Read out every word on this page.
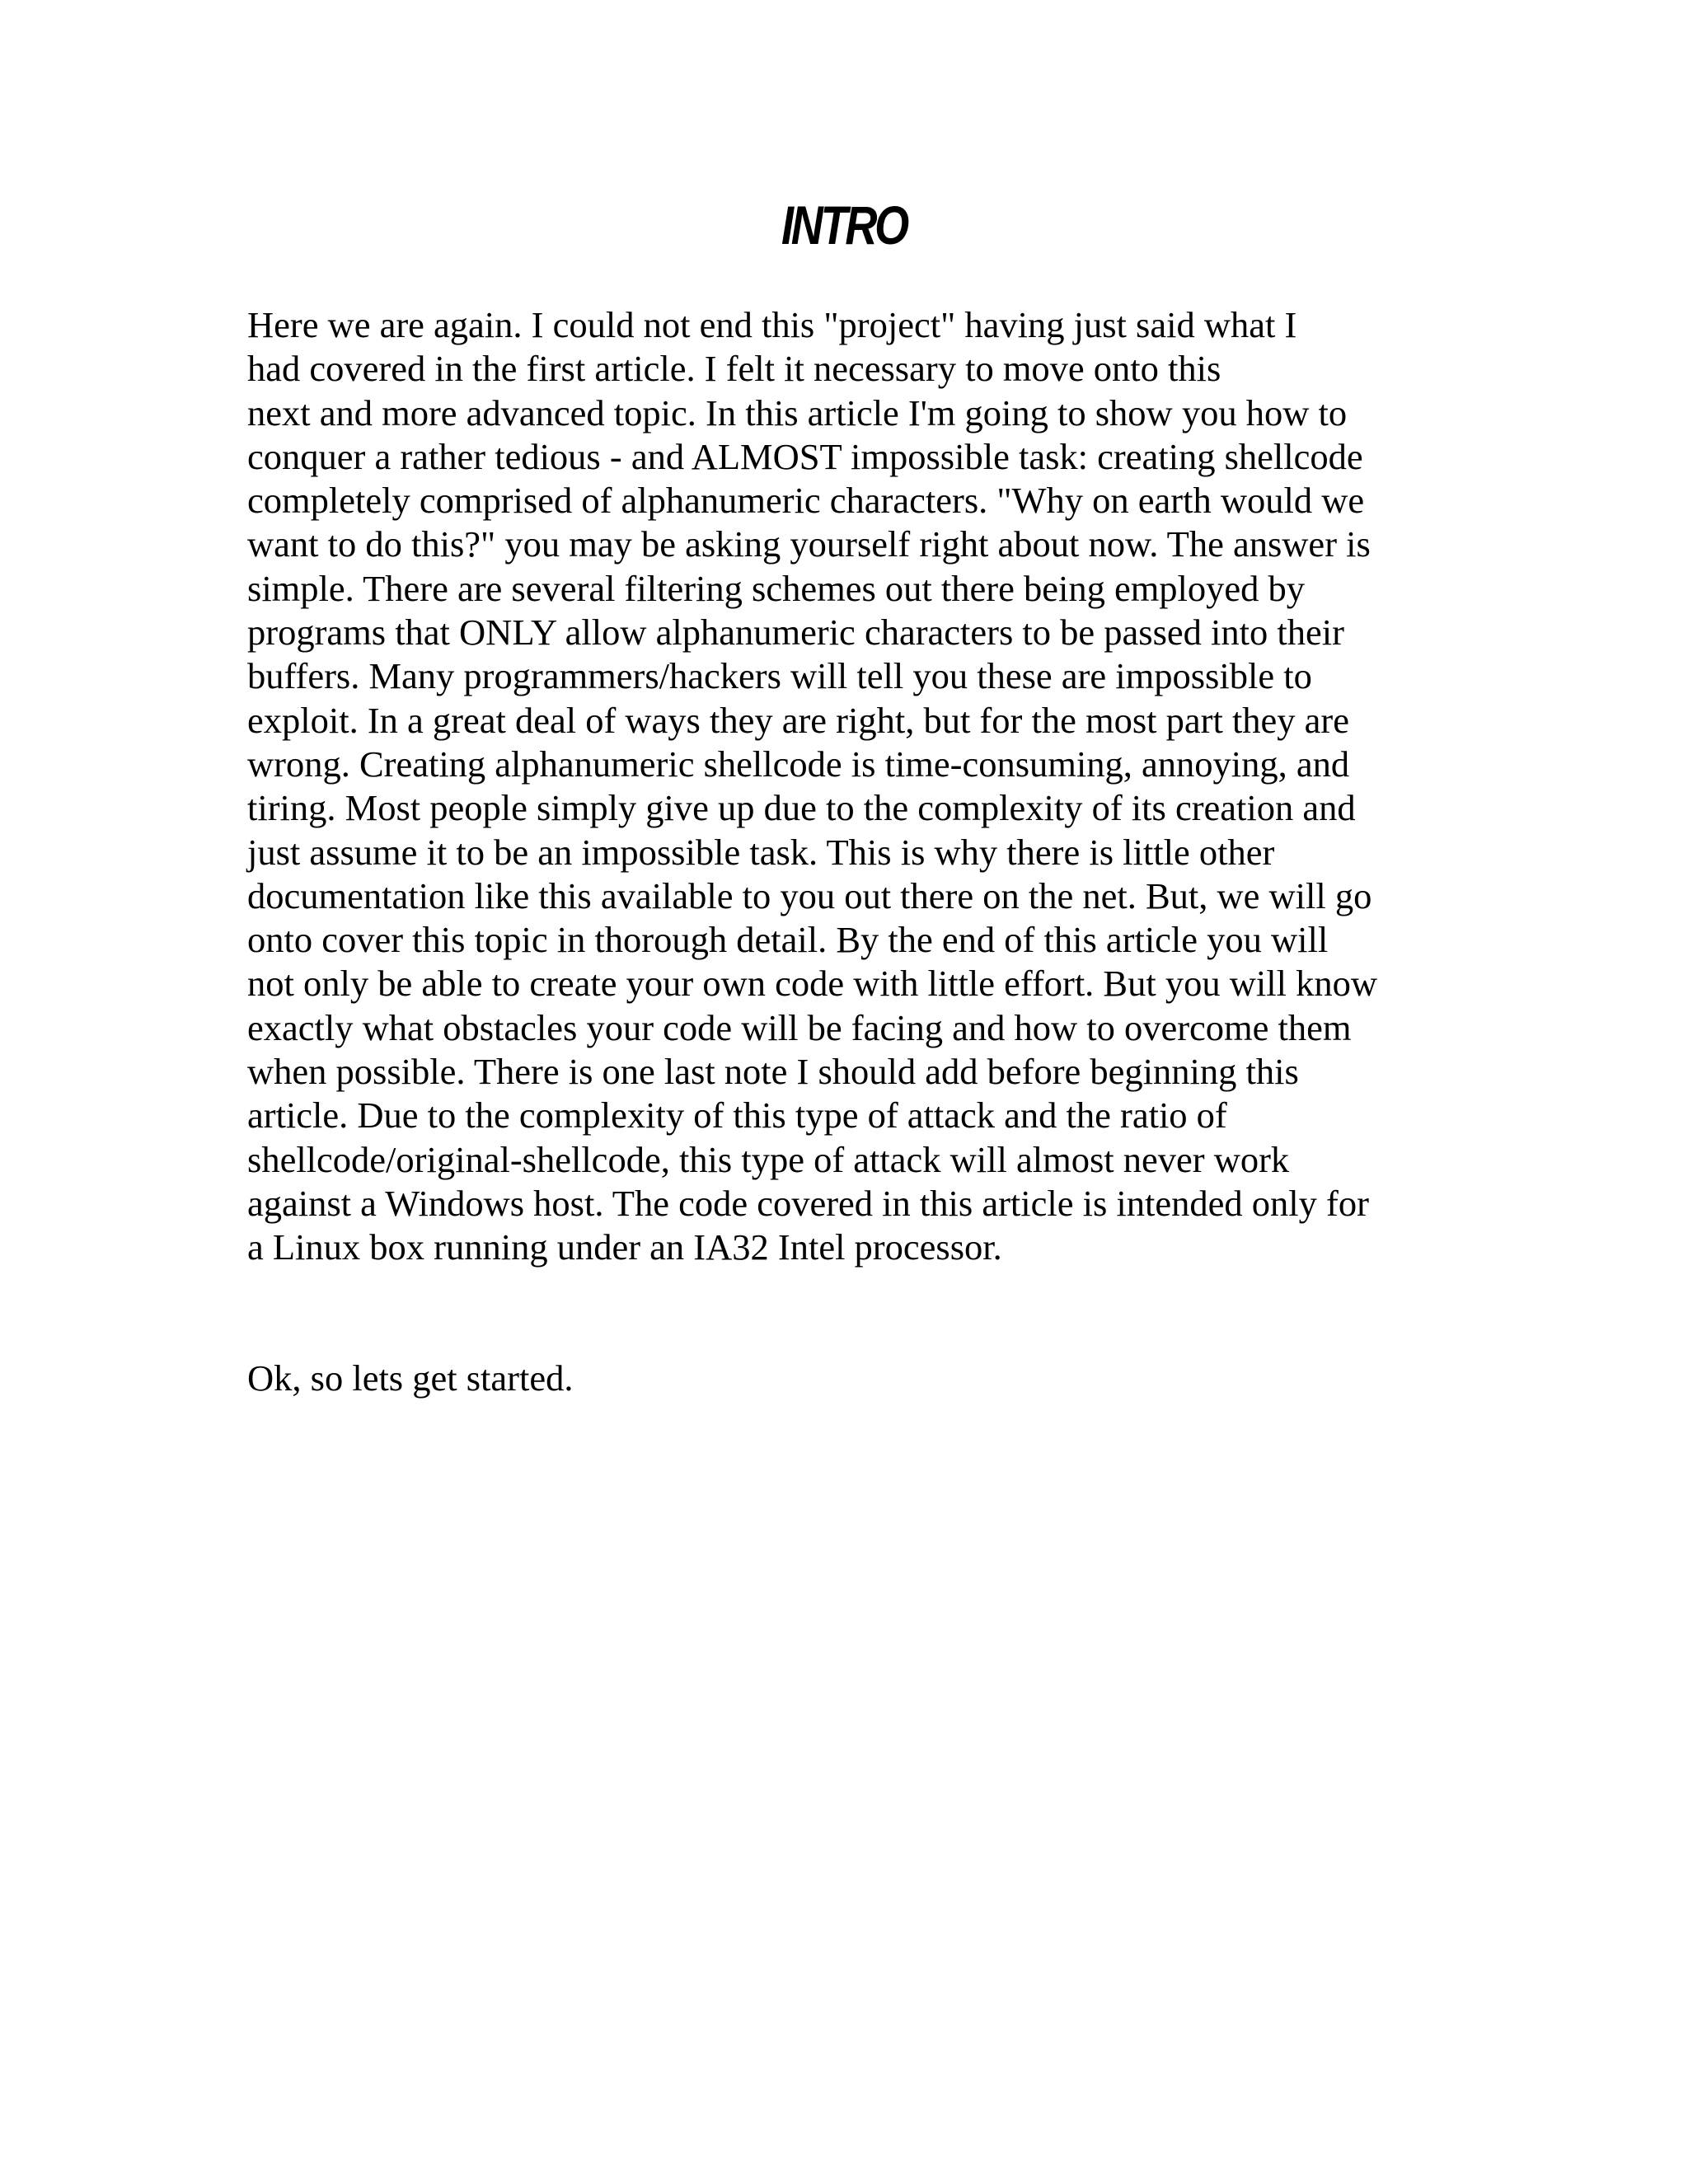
INTRO
Here we are again. I could not end this "project" having just said what I
had covered in the first article. I felt it necessary to move onto this
next and more advanced topic. In this article I'm going to show you how to
conquer a rather tedious - and ALMOST impossible task: creating shellcode
completely comprised of alphanumeric characters. "Why on earth would we
want to do this?" you may be asking yourself right about now. The answer is
simple. There are several filtering schemes out there being employed by
programs that ONLY allow alphanumeric characters to be passed into their
buffers. Many programmers/hackers will tell you these are impossible to
exploit. In a great deal of ways they are right, but for the most part they are
wrong. Creating alphanumeric shellcode is time-consuming, annoying, and
tiring. Most people simply give up due to the complexity of its creation and
just assume it to be an impossible task. This is why there is little other
documentation like this available to you out there on the net. But, we will go
onto cover this topic in thorough detail. By the end of this article you will
not only be able to create your own code with little effort. But you will know
exactly what obstacles your code will be facing and how to overcome them
when possible. There is one last note I should add before beginning this
article. Due to the complexity of this type of attack and the ratio of
shellcode/original-shellcode, this type of attack will almost never work
against a Windows host. The code covered in this article is intended only for
a Linux box running under an IA32 Intel processor.
Ok, so lets get started.
